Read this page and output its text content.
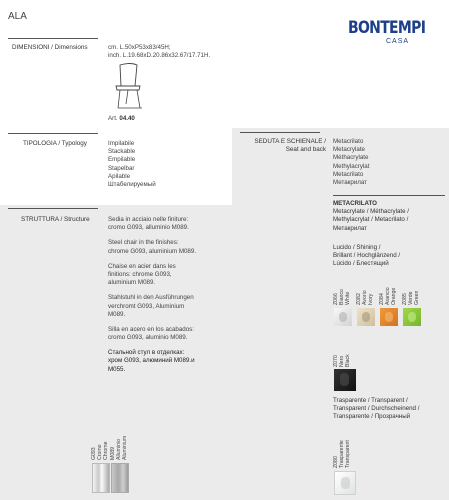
ALA
BONTEMPI
CASA
DIMENSIONI / Dimensions	cm. L.50xP53x83/45H;
inch. L.19.68xD.20.86x32.67/17.71H.
Art. 04.40
TIPOLOGIA / Typology	Impilabile
Stackable
Empilable
Stapelbar
Apilable
Штабелируемый
STRUTTURA / Structure	Sedia in acciaio nelle finiture:
cromo G093, alluminio M089.
Steel chair in the finishes:
chrome G093, aluminium M089.
Chaise en acier dans les
finitions: chrome G093,
aluminium M089.
Stahlstuhl in den Ausführungen
verchromt G093, Aluminium
M089.
Silla en acero en los acabados:
cromo G093, aluminio M089.
Стальной стул в отделках:
хром G093, алюминий M089.и
M055.
G093 Cromo Chrome M089 Alluminio Aluminium
SEDUTA E SCHIENALE /
Seat and back
Metacrilato
Metacrylate
Méthacrylate
Methylacrylat
Metacrilato
Метакрилат
METACRILATO
Metacrylate / Méthacrylate /
Methylacrylat / Metacrilato /
Метакрилат
Lucido / Shining /
Brillant / Hochglänzend /
Lúcido / Блестящий
Z066 Bianco White Z082 Avorio Ivory Z084 Arancio Orange Z085 Verde Green
Z070 Nero Black
Trasparente / Transparent /
Transparent / Durchscheinend /
Transparente / Прозрачный
Z080 Trasparente Transparent
